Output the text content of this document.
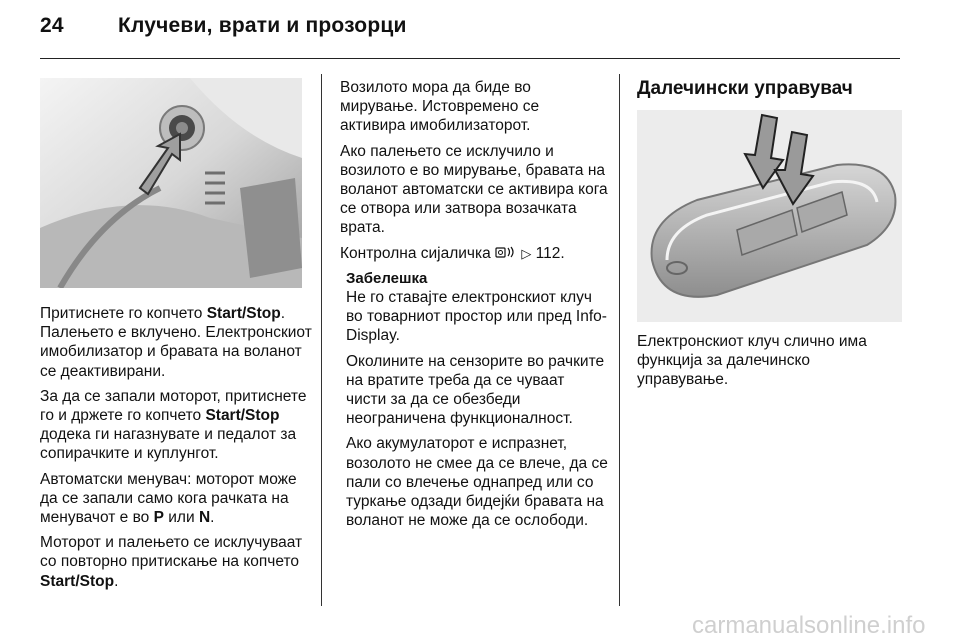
24	Клучеви, врати и прозорци

Притиснете го копчето Start/Stop. Палењето е вклучено. Електронскиот имобилизатор и бравата на воланот се деактивирани.

За да се запали моторот, притиснете го и држете го копчето Start/Stop додека ги нагазнувате и педалот за сопирачките и куплунгот.

Автоматски менувач: моторот може да се запали само кога рачката на менувачот е во P или N.

Моторот и палењето се исклучуваат со повторно притискање на копчето Start/Stop.

Возилото мора да биде во мирување. Истовремено се активира имобилизаторот.

Ако палењето се исклучило и возилото е во мирување, бравата на воланот автоматски се активира кога се отвора или затвора возачката врата.

Контролна сијаличка  ▷ 112.

Забелешка

Не го ставајте електронскиот клуч во товарниот простор или пред Info-Display.

Околините на сензорите во рачките на вратите треба да се чуваат чисти за да се обезбеди неограничена функционалност.

Ако акумулаторот е испразнет, возолото не смее да се влече, да се пали со влечење однапред или со туркање одзади бидејќи бравата на воланот не може да се ослободи.

Далечински управувач

Електронскиот клуч слично има функција за далечинско управување.

carmanualsonline.info
